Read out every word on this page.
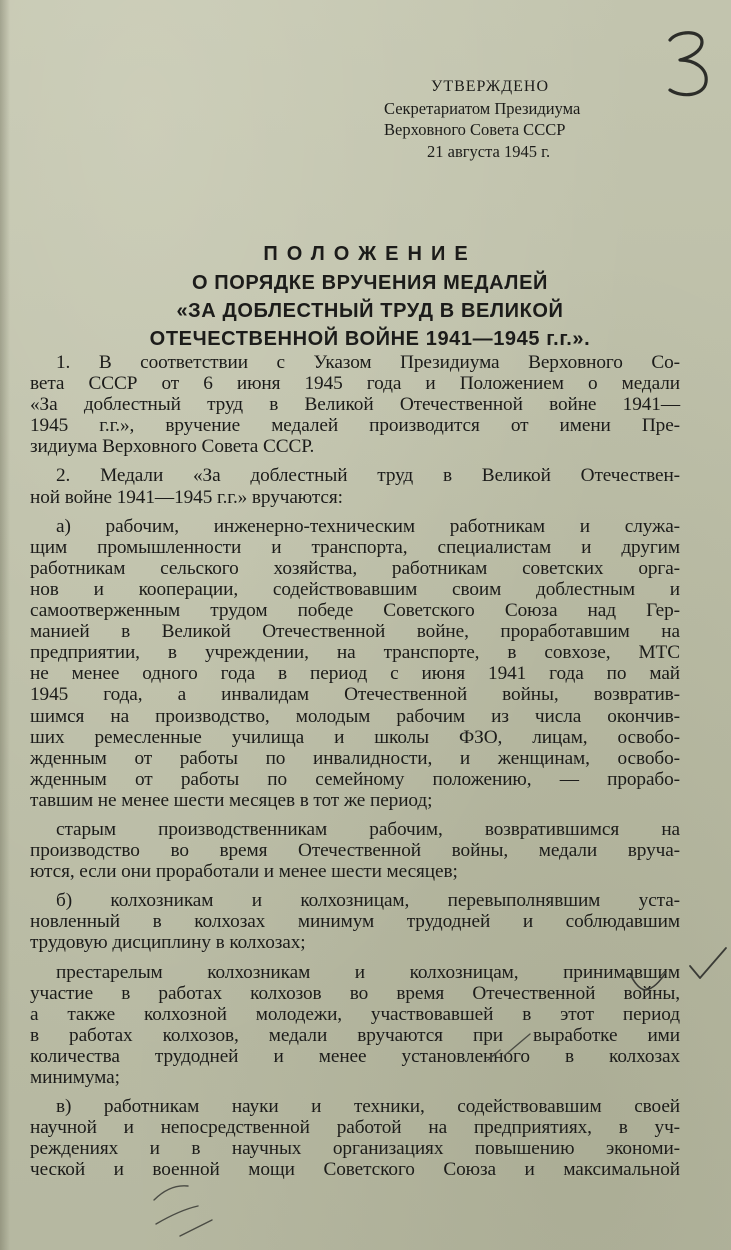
УТВЕРЖДЕНО
Секретариатом Президиума
Верховного Совета СССР
21 августа 1945 г.
ПОЛОЖЕНИЕ
О ПОРЯДКЕ ВРУЧЕНИЯ МЕДАЛЕЙ
«ЗА ДОБЛЕСТНЫЙ ТРУД В ВЕЛИКОЙ
ОТЕЧЕСТВЕННОЙ ВОЙНЕ 1941—1945 г.г.».
1. В соответствии с Указом Президиума Верховного Со-
вета СССР от 6 июня 1945 года и Положением о медали
«За доблестный труд в Великой Отечественной войне 1941—
1945 г.г.», вручение медалей производится от имени Пре-
зидиума Верховного Совета СССР.
2. Медали «За доблестный труд в Великой Отечествен-
ной войне 1941—1945 г.г.» вручаются:
а) рабочим, инженерно-техническим работникам и служа-
щим промышленности и транспорта, специалистам и другим
работникам сельского хозяйства, работникам советских орга-
нов и кооперации, содействовавшим своим доблестным и
самоотверженным трудом победе Советского Союза над Гер-
манией в Великой Отечественной войне, проработавшим на
предприятии, в учреждении, на транспорте, в совхозе, МТС
не менее одного года в период с июня 1941 года по май
1945 года, а инвалидам Отечественной войны, возвратив-
шимся на производство, молодым рабочим из числа окончив-
ших ремесленные училища и школы ФЗО, лицам, освобо-
жденным от работы по инвалидности, и женщинам, освобо-
жденным от работы по семейному положению, — прорабо-
тавшим не менее шести месяцев в тот же период;
старым производственникам рабочим, возвратившимся на
производство во время Отечественной войны, медали вруча-
ются, если они проработали и менее шести месяцев;
б) колхозникам и колхозницам, перевыполнявшим уста-
новленный в колхозах минимум трудодней и соблюдавшим
трудовую дисциплину в колхозах;
престарелым колхозникам и колхозницам, принимавшим
участие в работах колхозов во время Отечественной войны,
а также колхозной молодежи, участвовавшей в этот период
в работах колхозов, медали вручаются при выработке ими
количества трудодней и менее установленного в колхозах
минимума;
в) работникам науки и техники, содействовавшим своей
научной и непосредственной работой на предприятиях, в уч-
реждениях и в научных организациях повышению экономи-
ческой и военной мощи Советского Союза и максимальной
